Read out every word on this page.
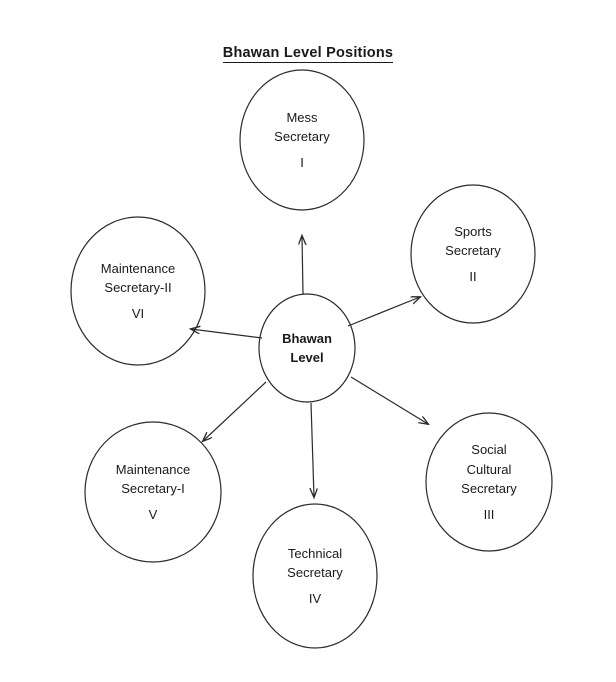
Bhawan Level Positions
Mess
Secretary
I
Sports
Secretary
II
Social
Cultural
Secretary
III
Technical
Secretary
IV
Maintenance
Secretary-I
V
Maintenance
Secretary-II
VI
Bhawan
Level
